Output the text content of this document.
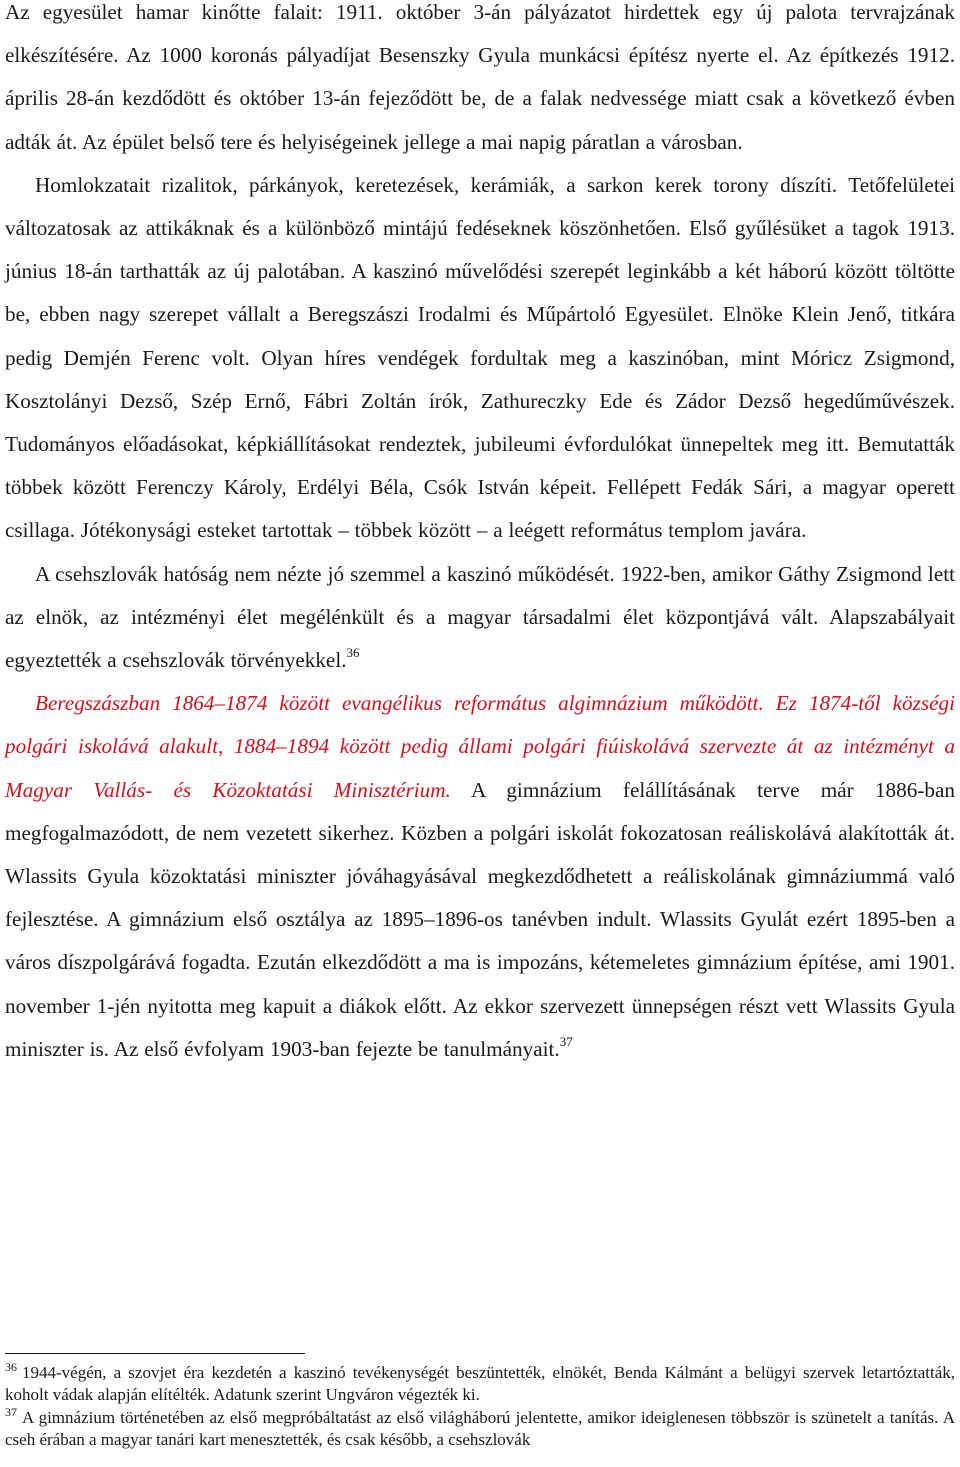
Az egyesület hamar kinőtte falait: 1911. október 3-án pályázatot hirdettek egy új palota tervrajzának elkészítésére. Az 1000 koronás pályadíjat Besenszky Gyula munkácsi építész nyerte el. Az építkezés 1912. április 28-án kezdődött és október 13-án fejeződött be, de a falak nedvessége miatt csak a következő évben adták át. Az épület belső tere és helyiségeinek jellege a mai napig páratlan a városban.

Homlokzatait rizalitok, párkányok, keretezések, kerámiák, a sarkon kerek torony díszíti. Tetőfelületei változatosak az attikáknak és a különböző mintájú fedéseknek köszönhetően. Első gyűlésüket a tagok 1913. június 18-án tarthatták az új palotában. A kaszinó művelődési szerepét leginkább a két háború között töltötte be, ebben nagy szerepet vállalt a Beregszászi Irodalmi és Műpártoló Egyesület. Elnöke Klein Jenő, titkára pedig Demjén Ferenc volt. Olyan híres vendégek fordultak meg a kaszinóban, mint Móricz Zsigmond, Kosztolányi Dezső, Szép Ernő, Fábri Zoltán írók, Zathureczky Ede és Zádor Dezső hegedűművészek. Tudományos előadásokat, képkiállításokat rendeztek, jubileumi évfordulókat ünnepeltek meg itt. Bemutatták többek között Ferenczy Károly, Erdélyi Béla, Csók István képeit. Fellépett Fedák Sári, a magyar operett csillaga. Jótékonysági esteket tartottak – többek között – a leégett református templom javára.

A csehszlovák hatóság nem nézte jó szemmel a kaszinó működését. 1922-ben, amikor Gáthy Zsigmond lett az elnök, az intézményi élet megélénkült és a magyar társadalmi élet központjává vált. Alapszabályait egyeztették a csehszlovák törvényekkel.$^{36}$

Beregszászban 1864–1874 között evangélikus református algimnázium működött. Ez 1874-től községi polgári iskolává alakult, 1884–1894 között pedig állami polgári fiúiskolává szervezte át az intézményt a Magyar Vallás- és Közoktatási Minisztérium. A gimnázium felállításának terve már 1886-ban megfogalmazódott, de nem vezetett sikerhez. Közben a polgári iskolát fokozatosan reáliskolává alakították át. Wlassits Gyula közoktatási miniszter jóváhagyásával megkezdődhetett a reáliskolának gimnáziummá való fejlesztése. A gimnázium első osztálya az 1895–1896-os tanévben indult. Wlassits Gyulát ezért 1895-ben a város díszpolgárává fogadta. Ezután elkezdődött a ma is impozáns, kétemeletes gimnázium építése, ami 1901. november 1-jén nyitotta meg kapuit a diákok előtt. Az ekkor szervezett ünnepségen részt vett Wlassits Gyula miniszter is. Az első évfolyam 1903-ban fejezte be tanulmányait.$^{37}$

$^{36}$ 1944-végén, a szovjet éra kezdetén a kaszinó tevékenységét beszüntették, elnökét, Benda Kálmánt a belügyi szervek letartóztatták, koholt vádak alapján elítélték. Adatunk szerint Ungváron végezték ki.

$^{37}$ A gimnázium történetében az első megpróbáltatást az első világháború jelentette, amikor ideiglenesen többször is szünetelt a tanítás. A cseh érában a magyar tanári kart menesztették, és csak később, a csehszlovák
